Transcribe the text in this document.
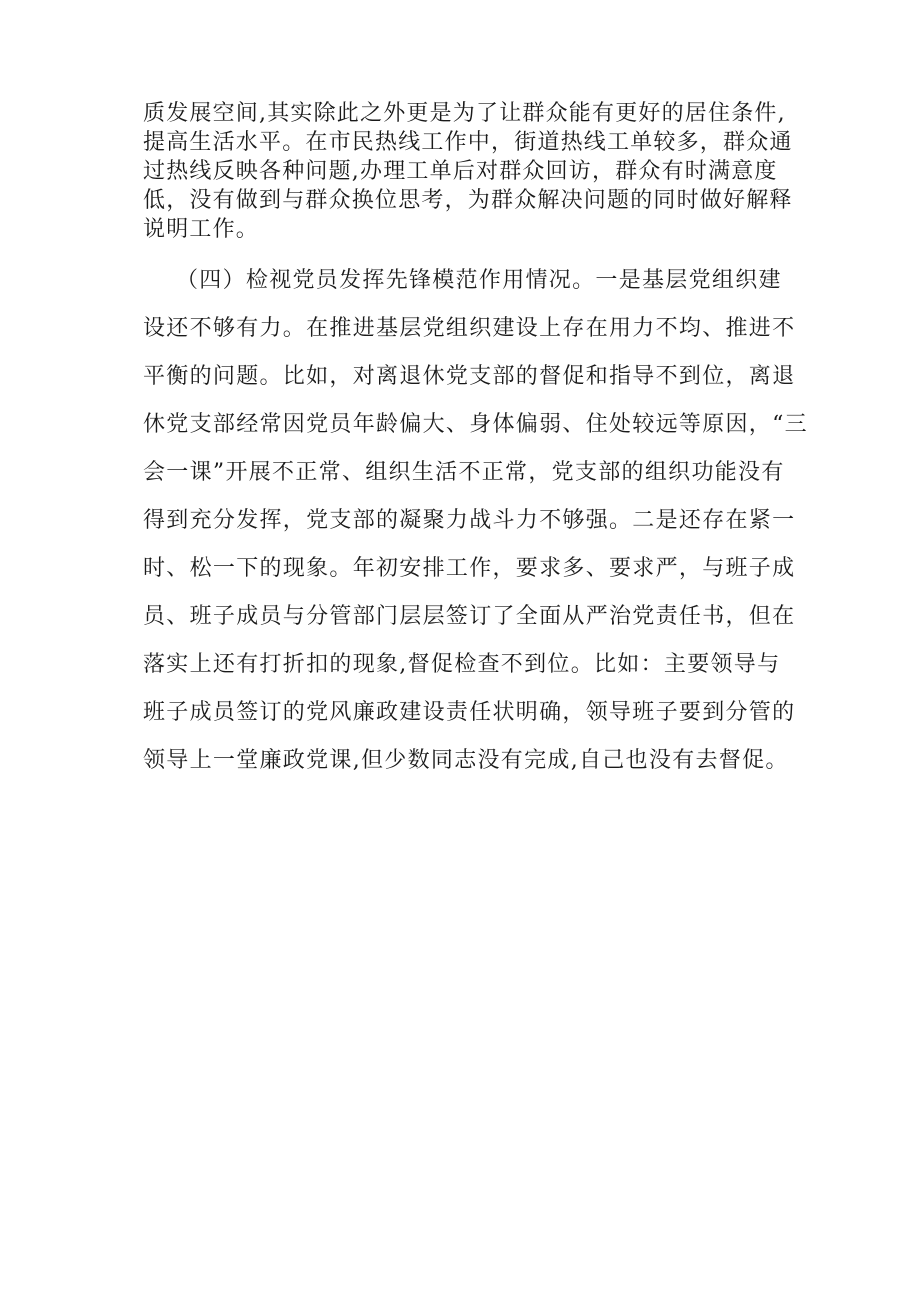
质发展空间,其实除此之外更是为了让群众能有更好的居住条件,
提高生活水平。在市民热线工作中，街道热线工单较多，群众通
过热线反映各种问题,办理工单后对群众回访，群众有时满意度
低，没有做到与群众换位思考，为群众解决问题的同时做好解释
说明工作。
（四）检视党员发挥先锋模范作用情况。一是基层党组织建
设还不够有力。在推进基层党组织建设上存在用力不均、推进不
平衡的问题。比如，对离退休党支部的督促和指导不到位，离退
休党支部经常因党员年龄偏大、身体偏弱、住处较远等原因，“三
会一课”开展不正常、组织生活不正常，党支部的组织功能没有
得到充分发挥，党支部的凝聚力战斗力不够强。二是还存在紧一
时、松一下的现象。年初安排工作，要求多、要求严，与班子成
员、班子成员与分管部门层层签订了全面从严治党责任书，但在
落实上还有打折扣的现象,督促检查不到位。比如：主要领导与
班子成员签订的党风廉政建设责任状明确，领导班子要到分管的
领导上一堂廉政党课,但少数同志没有完成,自己也没有去督促。
